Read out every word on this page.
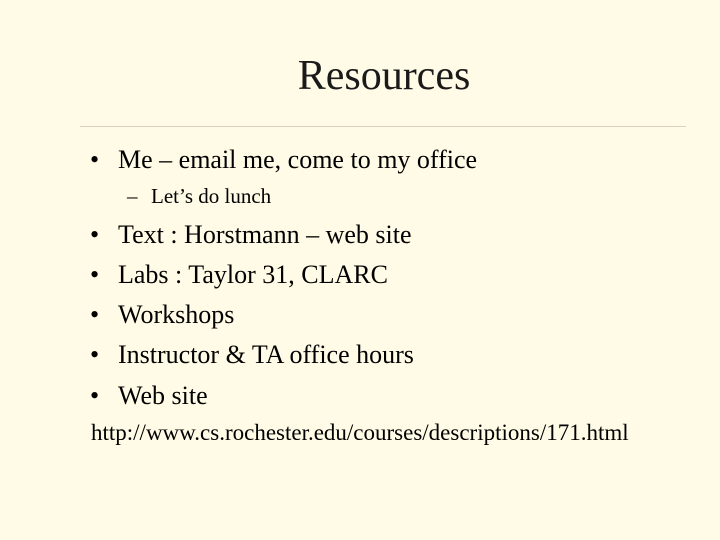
Resources
• Me – email me, come to my office
– Let’s do lunch
• Text : Horstmann – web site
• Labs : Taylor 31, CLARC
• Workshops
• Instructor & TA office hours
• Web site
http://www.cs.rochester.edu/courses/descriptions/171.html
